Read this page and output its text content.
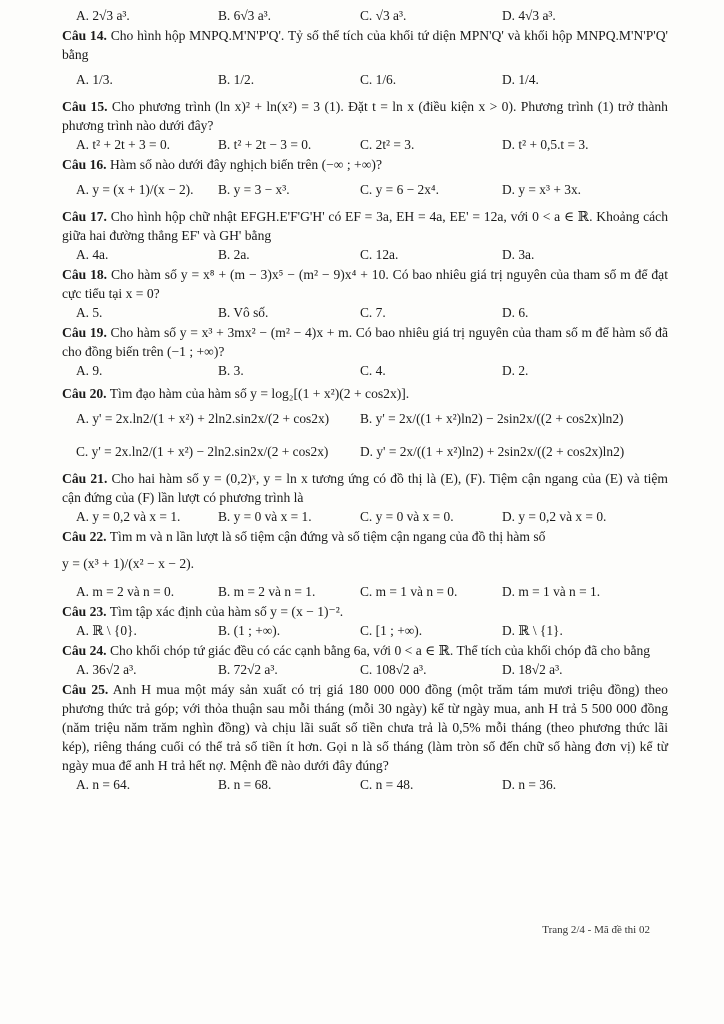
A. 2√3 a³.	B. 6√3 a³.	C. √3 a³.	D. 4√3 a³.

Câu 14. Cho hình hộp MNPQ.M'N'P'Q'. Tỷ số thể tích của khối tứ diện MPN'Q' và khối hộp MNPQ.M'N'P'Q' bằng

A. 1/3.	B. 1/2.	C. 1/6.	D. 1/4.

Câu 15. Cho phương trình (ln x)² + ln(x²) = 3 (1). Đặt t = ln x (điều kiện x > 0). Phương trình (1) trở thành phương trình nào dưới đây?

A. t² + 2t + 3 = 0.	B. t² + 2t − 3 = 0.	C. 2t² = 3.	D. t² + 0,5.t = 3.

Câu 16. Hàm số nào dưới đây nghịch biến trên (−∞ ; +∞)?

A. y = (x + 1)/(x − 2).	B. y = 3 − x³.	C. y = 6 − 2x⁴.	D. y = x³ + 3x.

Câu 17. Cho hình hộp chữ nhật EFGH.E'F'G'H' có EF = 3a, EH = 4a, EE' = 12a, với 0 < a ∈ ℝ. Khoảng cách giữa hai đường thẳng EF' và GH' bằng

A. 4a.	B. 2a.	C. 12a.	D. 3a.

Câu 18. Cho hàm số y = x⁸ + (m − 3)x⁵ − (m² − 9)x⁴ + 10. Có bao nhiêu giá trị nguyên của tham số m để đạt cực tiểu tại x = 0?

A. 5.	B. Vô số.	C. 7.	D. 6.

Câu 19. Cho hàm số y = x³ + 3mx² − (m² − 4)x + m. Có bao nhiêu giá trị nguyên của tham số m để hàm số đã cho đồng biến trên (−1 ; +∞)?

A. 9.	B. 3.	C. 4.	D. 2.

Câu 20. Tìm đạo hàm của hàm số y = log₂[(1 + x²)(2 + cos2x)].

A. y' = 2x.ln2/(1 + x²) + 2ln2.sin2x/(2 + cos2x)	B. y' = 2x/((1 + x²)ln2) − 2sin2x/((2 + cos2x)ln2)
C. y' = 2x.ln2/(1 + x²) − 2ln2.sin2x/(2 + cos2x)	D. y' = 2x/((1 + x²)ln2) + 2sin2x/((2 + cos2x)ln2)

Câu 21. Cho hai hàm số y = (0,2)ˣ, y = ln x tương ứng có đồ thị là (E), (F). Tiệm cận ngang của (E) và tiệm cận đứng của (F) lần lượt có phương trình là

A. y = 0,2 và x = 1.	B. y = 0 và x = 1.	C. y = 0 và x = 0.	D. y = 0,2 và x = 0.

Câu 22. Tìm m và n lần lượt là số tiệm cận đứng và số tiệm cận ngang của đồ thị hàm số

y = (x³ + 1)/(x² − x − 2).

A. m = 2 và n = 0.	B. m = 2 và n = 1.	C. m = 1 và n = 0.	D. m = 1 và n = 1.

Câu 23. Tìm tập xác định của hàm số y = (x − 1)⁻².

A. ℝ \ {0}.	B. (1 ; +∞).	C. [1 ; +∞).	D. ℝ \ {1}.

Câu 24. Cho khối chóp tứ giác đều có các cạnh bằng 6a, với 0 < a ∈ ℝ. Thể tích của khối chóp đã cho bằng

A. 36√2 a³.	B. 72√2 a³.	C. 108√2 a³.	D. 18√2 a³.

Câu 25. Anh H mua một máy sản xuất có trị giá 180 000 000 đồng (một trăm tám mươi triệu đồng) theo phương thức trả góp; với thỏa thuận sau mỗi tháng (mỗi 30 ngày) kể từ ngày mua, anh H trả 5 500 000 đồng (năm triệu năm trăm nghìn đồng) và chịu lãi suất số tiền chưa trả là 0,5% mỗi tháng (theo phương thức lãi kép), riêng tháng cuối có thể trả số tiền ít hơn. Gọi n là số tháng (làm tròn số đến chữ số hàng đơn vị) kể từ ngày mua để anh H trả hết nợ. Mệnh đề nào dưới đây đúng?

A. n = 64.	B. n = 68.	C. n = 48.	D. n = 36.
Trang 2/4 - Mã đề thi 02
